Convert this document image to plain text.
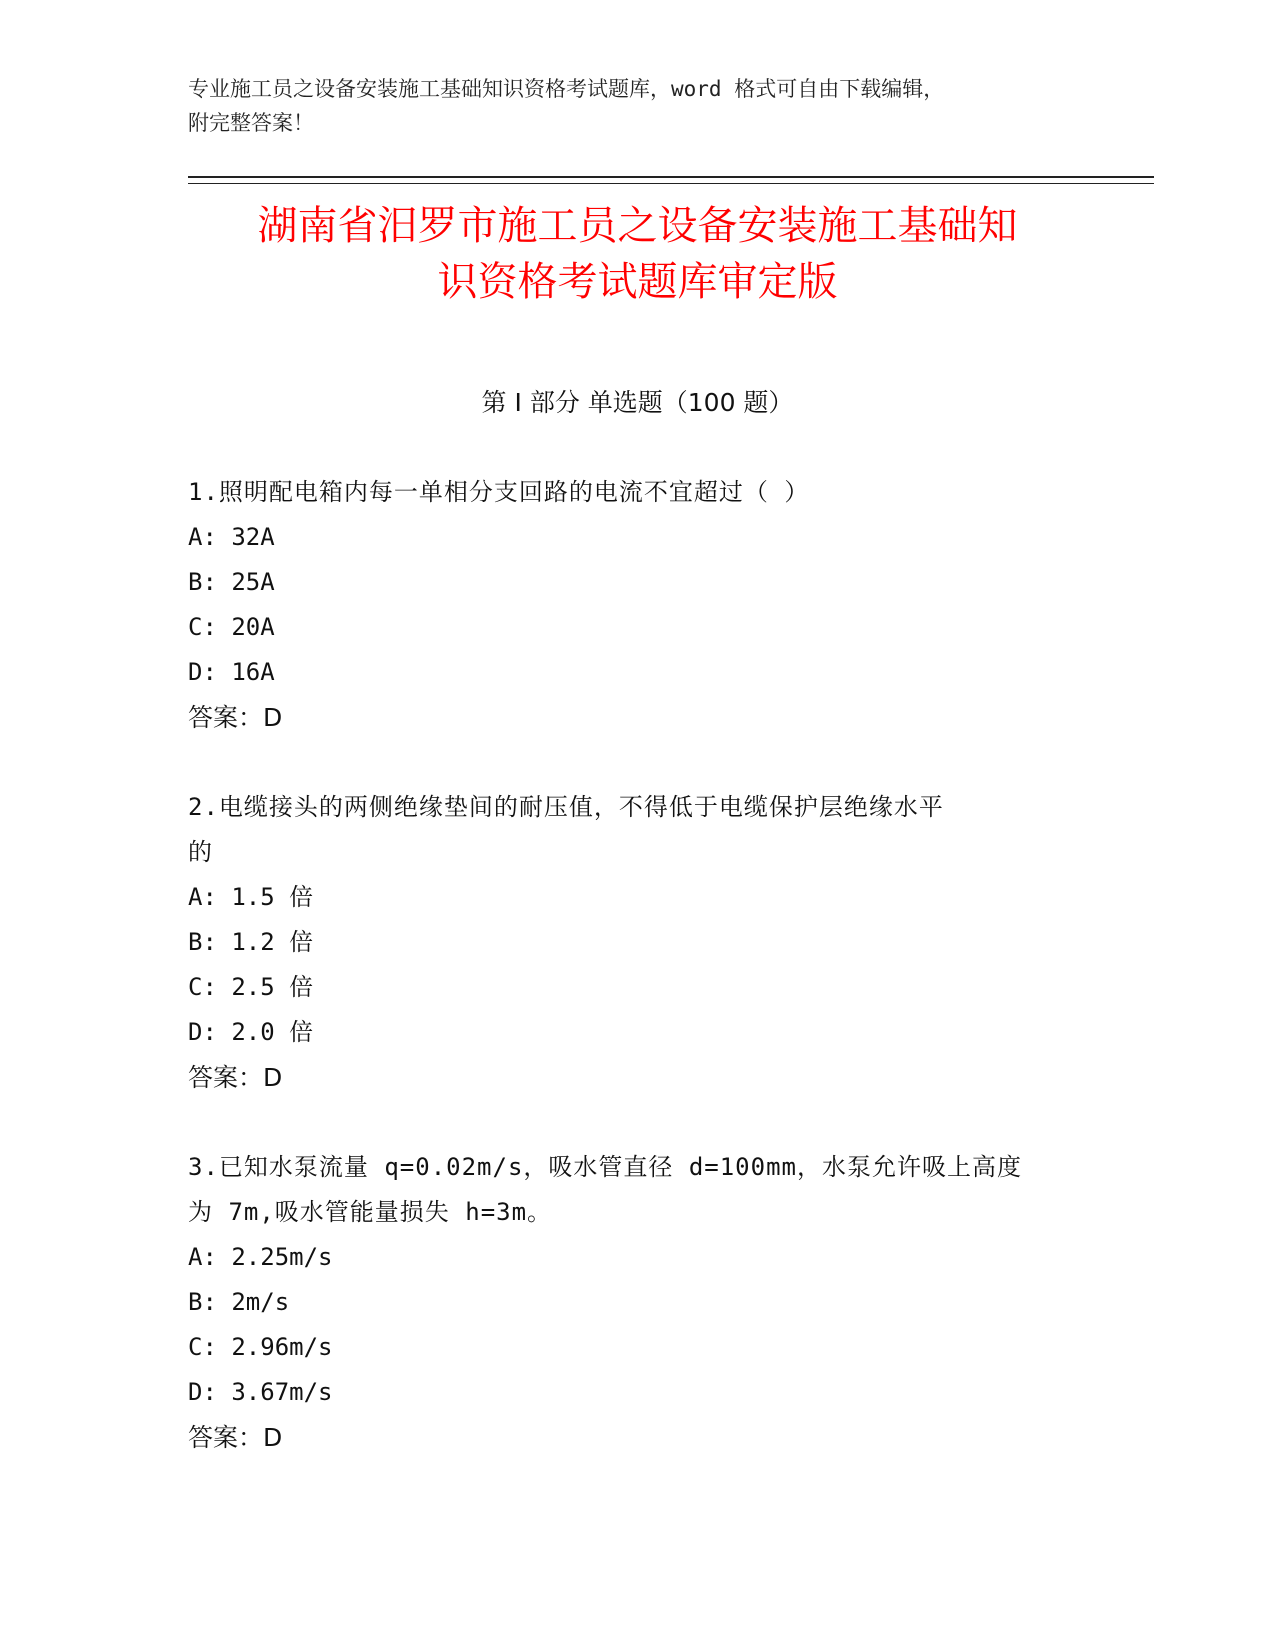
专业施工员之设备安装施工基础知识资格考试题库，word 格式可自由下载编辑，
附完整答案！
湖南省汨罗市施工员之设备安装施工基础知
识资格考试题库审定版
第 I 部分 单选题（100 题）
1.照明配电箱内每一单相分支回路的电流不宜超过（ ）
A: 32A
B: 25A
C: 20A
D: 16A
答案：D
2.电缆接头的两侧绝缘垫间的耐压值，不得低于电缆保护层绝缘水平
的
A: 1.5 倍
B: 1.2 倍
C: 2.5 倍
D: 2.0 倍
答案：D
3.已知水泵流量 q=0.02m/s，吸水管直径 d=100mm，水泵允许吸上高度
为 7m,吸水管能量损失 h=3m。
A: 2.25m/s
B: 2m/s
C: 2.96m/s
D: 3.67m/s
答案：D
